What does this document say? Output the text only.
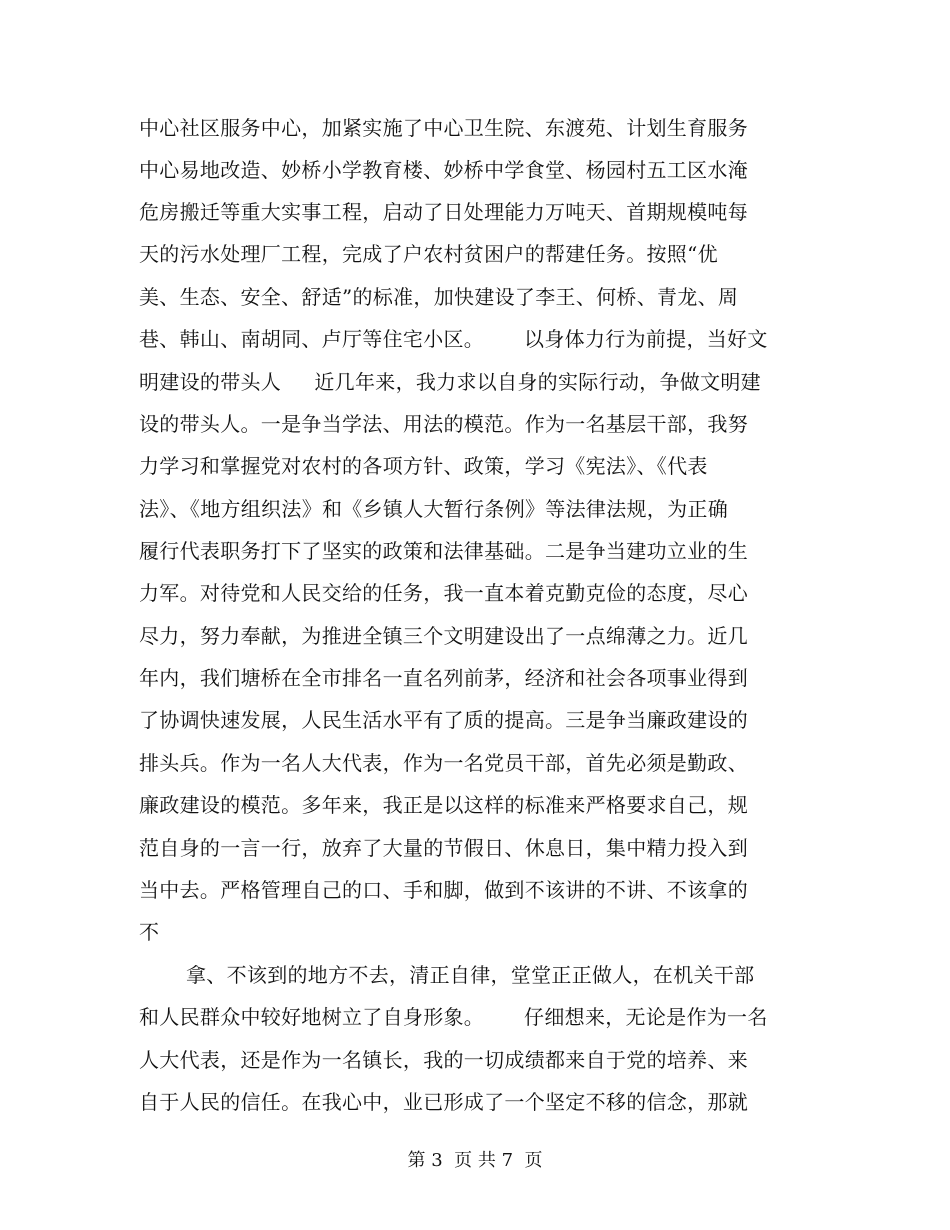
中心社区服务中心，加紧实施了中心卫生院、东渡苑、计划生育服务
中心易地改造、妙桥小学教育楼、妙桥中学食堂、杨园村五工区水淹
危房搬迁等重大实事工程，启动了日处理能力万吨天、首期规模吨每
天的污水处理厂工程，完成了户农村贫困户的帮建任务。按照“优
美、生态、安全、舒适”的标准，加快建设了李王、何桥、青龙、周
巷、韩山、南胡同、卢厅等住宅小区。      以身体力行为前提，当好文
明建设的带头人     近几年来，我力求以自身的实际行动，争做文明建
设的带头人。一是争当学法、用法的模范。作为一名基层干部，我努
力学习和掌握党对农村的各项方针、政策，学习《宪法》、《代表
法》、《地方组织法》和《乡镇人大暂行条例》等法律法规，为正确
履行代表职务打下了坚实的政策和法律基础。二是争当建功立业的生
力军。对待党和人民交给的任务，我一直本着克勤克俭的态度，尽心
尽力，努力奉献，为推进全镇三个文明建设出了一点绵薄之力。近几
年内，我们塘桥在全市排名一直名列前茅，经济和社会各项事业得到
了协调快速发展，人民生活水平有了质的提高。三是争当廉政建设的
排头兵。作为一名人大代表，作为一名党员干部，首先必须是勤政、
廉政建设的模范。多年来，我正是以这样的标准来严格要求自己，规
范自身的一言一行，放弃了大量的节假日、休息日，集中精力投入到
当中去。严格管理自己的口、手和脚，做到不该讲的不讲、不该拿的
不
拿、不该到的地方不去，清正自律，堂堂正正做人，在机关干部
和人民群众中较好地树立了自身形象。      仔细想来，无论是作为一名
人大代表，还是作为一名镇长，我的一切成绩都来自于党的培养、来
自于人民的信任。在我心中，业已形成了一个坚定不移的信念，那就
第 3  页 共 7  页
